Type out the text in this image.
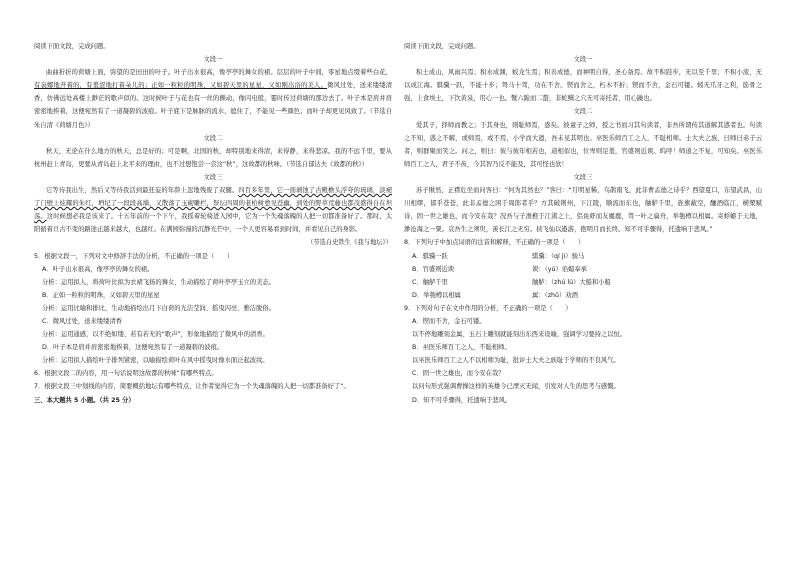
阅读下面文段，完成问题。

文段一

曲曲折折的荷塘上面，弥望的是田田的叶子。叶子出水很高，像亭亭的舞女的裙。层层的叶子中间，零星地点缀着些白花，有袅娜地开着的，有羞涩地打着朵儿的；正如一粒粒的明珠，又如碧天里的星星，又如刚出浴的美人。微风过处，送来缕缕清香，仿佛远处高楼上渺茫的歌声似的。这时候叶子与花也有一丝的颤动，像闪电般，霎时传过荷塘的那边去了。叶子本是肩并肩密密地挨着，这便宛然有了一道凝碧的波痕。叶子底下是脉脉的流水，遮住了，不能见一些颜色；而叶子却更见风致了。（节选自朱自清《荷塘月色》）

文段二

秋天，无论在什么地方的秋天，总是好的；可是啊，北国的秋，却特别地来得清，来得静，来得悲凉。我的不远千里，要从杭州赶上青岛，更要从青岛赶上北平来的理由，也不过想饱尝一尝这“秋”，这故都的秋味。（节选自郁达夫《故都的秋》）

文段三

它等待我出生，然后又等待我活到最狂妄的年龄上忽地残废了双腿。四百多年里，它一面剥蚀了古殿檐头浮夸的琉璃，淡褪了门壁上炫耀的朱红，坍圮了一段段高墙，又散落了玉砌雕栏，祭坛四周的老柏树愈见苍幽，到处的野草荒藤也都茂盛得自在坦荡。这时候想必我是该来了。十五年前的一个下午，我摇着轮椅进入园中，它为一个失魂落魄的人把一切都准备好了。那时，太阳循着亘古不变的路途正越来越大，也越红。在满园弥漫的沉静光芒中，一个人更容易看到时间，并看见自己的身影。

（节选自史铁生《我与地坛》）

5．根据文段一，下列对文中修辞手法的分析，不正确的一项是（　　）

A．叶子出水很高，像亭亭的舞女的裙。

分析：运用拟人，将荷叶比拟为衣裙飞扬的舞女，生动描绘了荷叶亭亭玉立的美态。

B．正如一粒粒的明珠，又如碧天里的星星

分析：运用比喻和排比，生动地描绘出月下白荷的光洁莹润、摇曳闪亮、雅洁脱俗。

C．微风过处，送来缕缕清香

分析：运用通感，以不绝如缕、若有若无的“歌声”，形象地描绘了微风中的清香。

D．叶子本是肩并肩密密地挨着，这便宛然有了一道凝碧的波痕。

分析：运用拟人描绘叶子排列紧密，以喻描绘荷叶在风中摇曳时像水面泛起波纹。

6．根据文段二的内容，用一句话说明这故都的秋味“有哪些特点。

7．根据文段三中划线的内容，简要概括地坛有哪些特点，让作者觉得它为一个失魂落魄的人把一切都准备好了“。

三、本大题共 5 小题。（共 25 分）

阅读下面文段，完成问题。

文段一

积土成山，风雨兴焉；积水成渊，蛟龙生焉；积善成德，而神明自得，圣心备焉。故不积跬步，无以至千里；不积小流，无以成江海。骐骥一跃，不能十步；驽马十驾，功在不舍。锲而舍之，朽木不折；锲而不舍，金石可镂。蚓无爪牙之利，筋骨之强，上食埃土，下饮黄泉，用心一也。蟹六跪而二螯，非蛇鳝之穴无可寄托者，用心躁也。

文段二

爱其子，择师而教之；于其身也，则耻师焉，惑矣。彼童子之师，授之书而习其句读者，非吾所谓传其道解其惑者也。句读之不知，惑之不解，或师焉，或不焉，小学而大遗，吾未见其明也。巫医乐师百工之人，不耻相师。士大夫之族，曰师曰弟子云者，则群聚而笑之。问之，则曰：彼与彼年相若也，道相似也，位卑则足羞，官盛则近谀。呜呼！师道之不复，可知矣。巫医乐师百工之人，君子不齿，今其智乃反不能及，其可怪也欤！

文段三

苏子愀然，正襟危坐而问客曰：“何为其然也？”客曰：“月明星稀，乌鹊南飞，此非曹孟德之诗乎？西望夏口，东望武昌，山川相缪，郁乎苍苍，此非孟德之困于周郎者乎？方其破荆州，下江陵，顺流而东也，舳舻千里，旌旗蔽空，酾酒临江，横槊赋诗，固一世之雄也，而今安在哉？况吾与子渔樵于江渚之上，侣鱼虾而友麋鹿，驾一叶之扁舟，举匏樽以相属。寄蜉蝣于天地，渺沧海之一粟。哀吾生之须臾，羡长江之无穷。挟飞仙以遨游，抱明月而长终。知不可乎骤得，托遗响于悲风。”

8．下列句子中加点词语的注音和解释，不正确的一项是（　　）

A．骐骥一跃	骐骥：（qí jì）骏马
B．官盛则近谀	谀：（yú）谄媚奉承
C．舳舻千里	舳舻：（zhú lú）大船和小船
D．举匏樽以相属	属：（zhǔ）劝酒

9．下列对句子在文中作用的分析，不正确的一项是（　　）

A．锲而不舍，金石可镂。

以不停地雕刻金属、玉石上雕刻就能刻出东西来设喻，强调学习要持之以恒。

B．巫医乐师百工之人，不耻相师。

以巫医乐师百工之人不以相师为耻，批评士大夫之族耻于学师的不良风气。

C．固一世之雄也，而今安在哉？

以问句形式强调曹操这样的英雄今已湮灭无闻，引发对人生的思考与感慨。

D．知不可乎骤得，托遗响于悲风。
